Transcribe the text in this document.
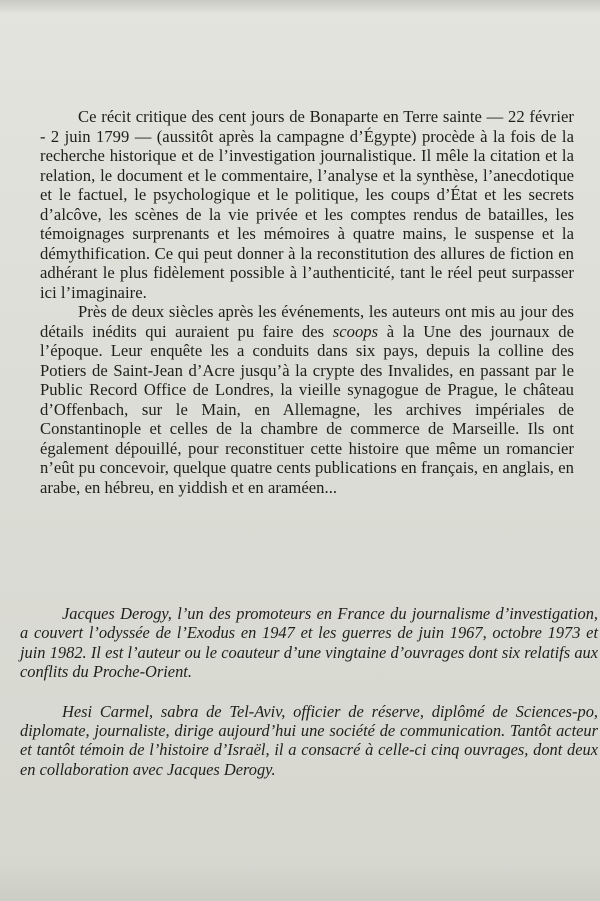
Ce récit critique des cent jours de Bonaparte en Terre sainte — 22 février - 2 juin 1799 — (aussitôt après la campagne d’Égypte) procède à la fois de la recherche historique et de l’investigation journalistique. Il mêle la citation et la relation, le document et le commentaire, l’analyse et la synthèse, l’anecdotique et le factuel, le psychologique et le politique, les coups d’État et les secrets d’alcôve, les scènes de la vie privée et les comptes rendus de batailles, les témoignages surprenants et les mémoires à quatre mains, le suspense et la démythification. Ce qui peut donner à la reconstitution des allures de fiction en adhérant le plus fidèlement possible à l’authenticité, tant le réel peut surpasser ici l’imaginaire.

Près de deux siècles après les événements, les auteurs ont mis au jour des détails inédits qui auraient pu faire des scoops à la Une des journaux de l’époque. Leur enquête les a conduits dans six pays, depuis la colline des Potiers de Saint-Jean d’Acre jusqu’à la crypte des Invalides, en passant par le Public Record Office de Londres, la vieille synagogue de Prague, le château d’Offenbach, sur le Main, en Allemagne, les archives impériales de Constantinople et celles de la chambre de commerce de Marseille. Ils ont également dépouillé, pour reconstituer cette histoire que même un romancier n’eût pu concevoir, quelque quatre cents publications en français, en anglais, en arabe, en hébreu, en yiddish et en araméen...

Jacques Derogy, l’un des promoteurs en France du journalisme d’investigation, a couvert l’odyssée de l’Exodus en 1947 et les guerres de juin 1967, octobre 1973 et juin 1982. Il est l’auteur ou le coauteur d’une vingtaine d’ouvrages dont six relatifs aux conflits du Proche-Orient.

Hesi Carmel, sabra de Tel-Aviv, officier de réserve, diplômé de Sciences-po, diplomate, journaliste, dirige aujourd’hui une société de communication. Tantôt acteur et tantôt témoin de l’histoire d’Israël, il a consacré à celle-ci cinq ouvrages, dont deux en collaboration avec Jacques Derogy.
